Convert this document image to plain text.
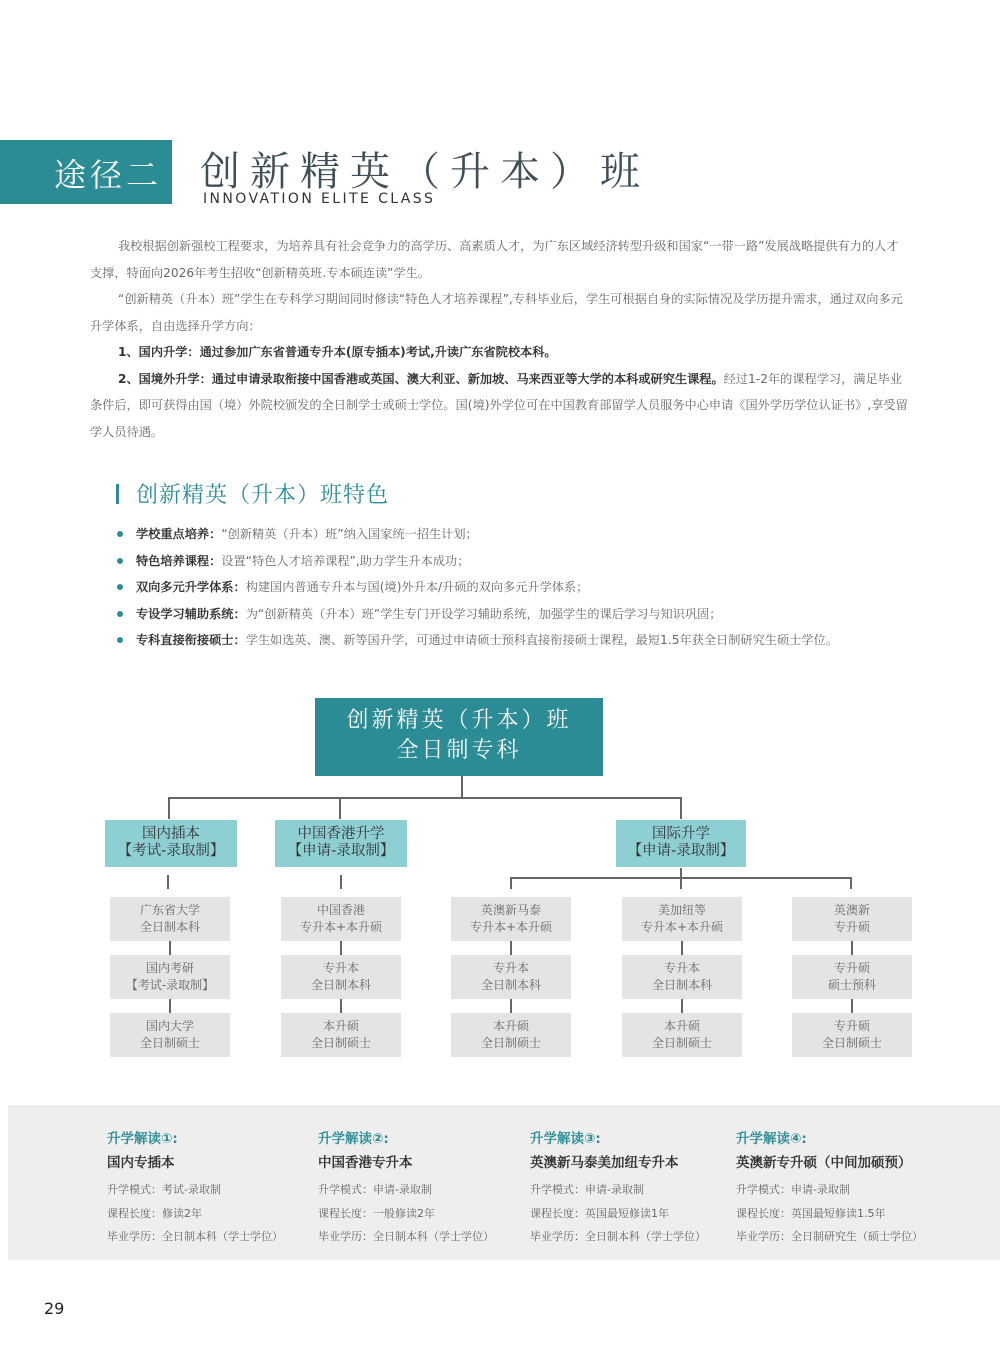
途径二 创新精英（升本）班
INNOVATION ELITE CLASS

我校根据创新强校工程要求，为培养具有社会竞争力的高学历、高素质人才，为广东区域经济转型升级和国家“一带一路”发展战略提供有力的人才支撑，特面向2026年考生招收“创新精英班.专本硕连读”学生。

“创新精英（升本）班”学生在专科学习期间同时修读“特色人才培养课程”,专科毕业后，学生可根据自身的实际情况及学历提升需求，通过双向多元升学体系，自由选择升学方向：

1、国内升学：通过参加广东省普通专升本(原专插本)考试,升读广东省院校本科。

2、国境外升学：通过申请录取衔接中国香港或英国、澳大利亚、新加坡、马来西亚等大学的本科或研究生课程。经过1-2年的课程学习，满足毕业条件后，即可获得由国（境）外院校颁发的全日制学士或硕士学位。国(境)外学位可在中国教育部留学人员服务中心申请《国外学历学位认证书》,享受留学人员待遇。

创新精英（升本）班特色
学校重点培养：“创新精英（升本）班”纳入国家统一招生计划；
特色培养课程：设置“特色人才培养课程”,助力学生升本成功；
双向多元升学体系：构建国内普通专升本与国(境)外升本/升硕的双向多元升学体系；
专设学习辅助系统：为“创新精英（升本）班”学生专门开设学习辅助系统，加强学生的课后学习与知识巩固；
专科直接衔接硕士：学生如选英、澳、新等国升学，可通过申请硕士预科直接衔接硕士课程，最短1.5年获全日制研究生硕士学位。
创新精英（升本）班
全日制专科
国内插本
【考试-录取制】
中国香港升学
【申请-录取制】
国际升学
【申请-录取制】
广东省大学
全日制本科
国内考研
【考试-录取制】
国内大学
全日制硕士
中国香港
专升本+本升硕
专升本
全日制本科
本升硕
全日制硕士
英澳新马泰
专升本+本升硕
专升本
全日制本科
本升硕
全日制硕士
美加纽等
专升本+本升硕
专升本
全日制本科
本升硕
全日制硕士
英澳新
专升硕
专升硕
硕士预科
专升硕
全日制硕士
升学解读①:
国内专插本
升学模式：考试-录取制
课程长度：修读2年
毕业学历：全日制本科（学士学位）
升学解读②:
中国香港专升本
升学模式：申请-录取制
课程长度：一般修读2年
毕业学历：全日制本科（学士学位）
升学解读③:
英澳新马泰美加纽专升本
升学模式：申请-录取制
课程长度：英国最短修读1年
毕业学历：全日制本科（学士学位）
升学解读④:
英澳新专升硕（中间加硕预）
升学模式：申请-录取制
课程长度：英国最短修读1.5年
毕业学历：全日制研究生（硕士学位）
29
